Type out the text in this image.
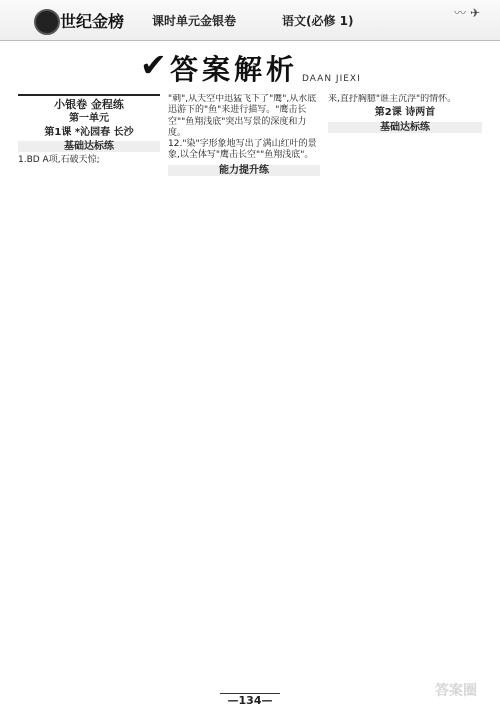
世纪金榜 课时单元金银卷	语文(必修 1)
〰 ✈
✔ 答案解析 DAAN JIEXI
小银卷 金程练
第一单元
第1课 *沁园春 长沙
基础达标练

1.BD A项,石破天惊;

"刺",从天空中迅猛飞下了"鹰",从水底迅游下的"鱼"来进行描写。"鹰击长空""鱼翔浅底"突出写景的深度和力度。

12."染"字形象地写出了满山红叶的景象,以全体写"鹰击长空""鱼翔浅底"。

能力提升练

来,直抒胸臆"谁主沉浮"的情怀。

第2课 诗两首
基础达标练
—134—
答案圈
